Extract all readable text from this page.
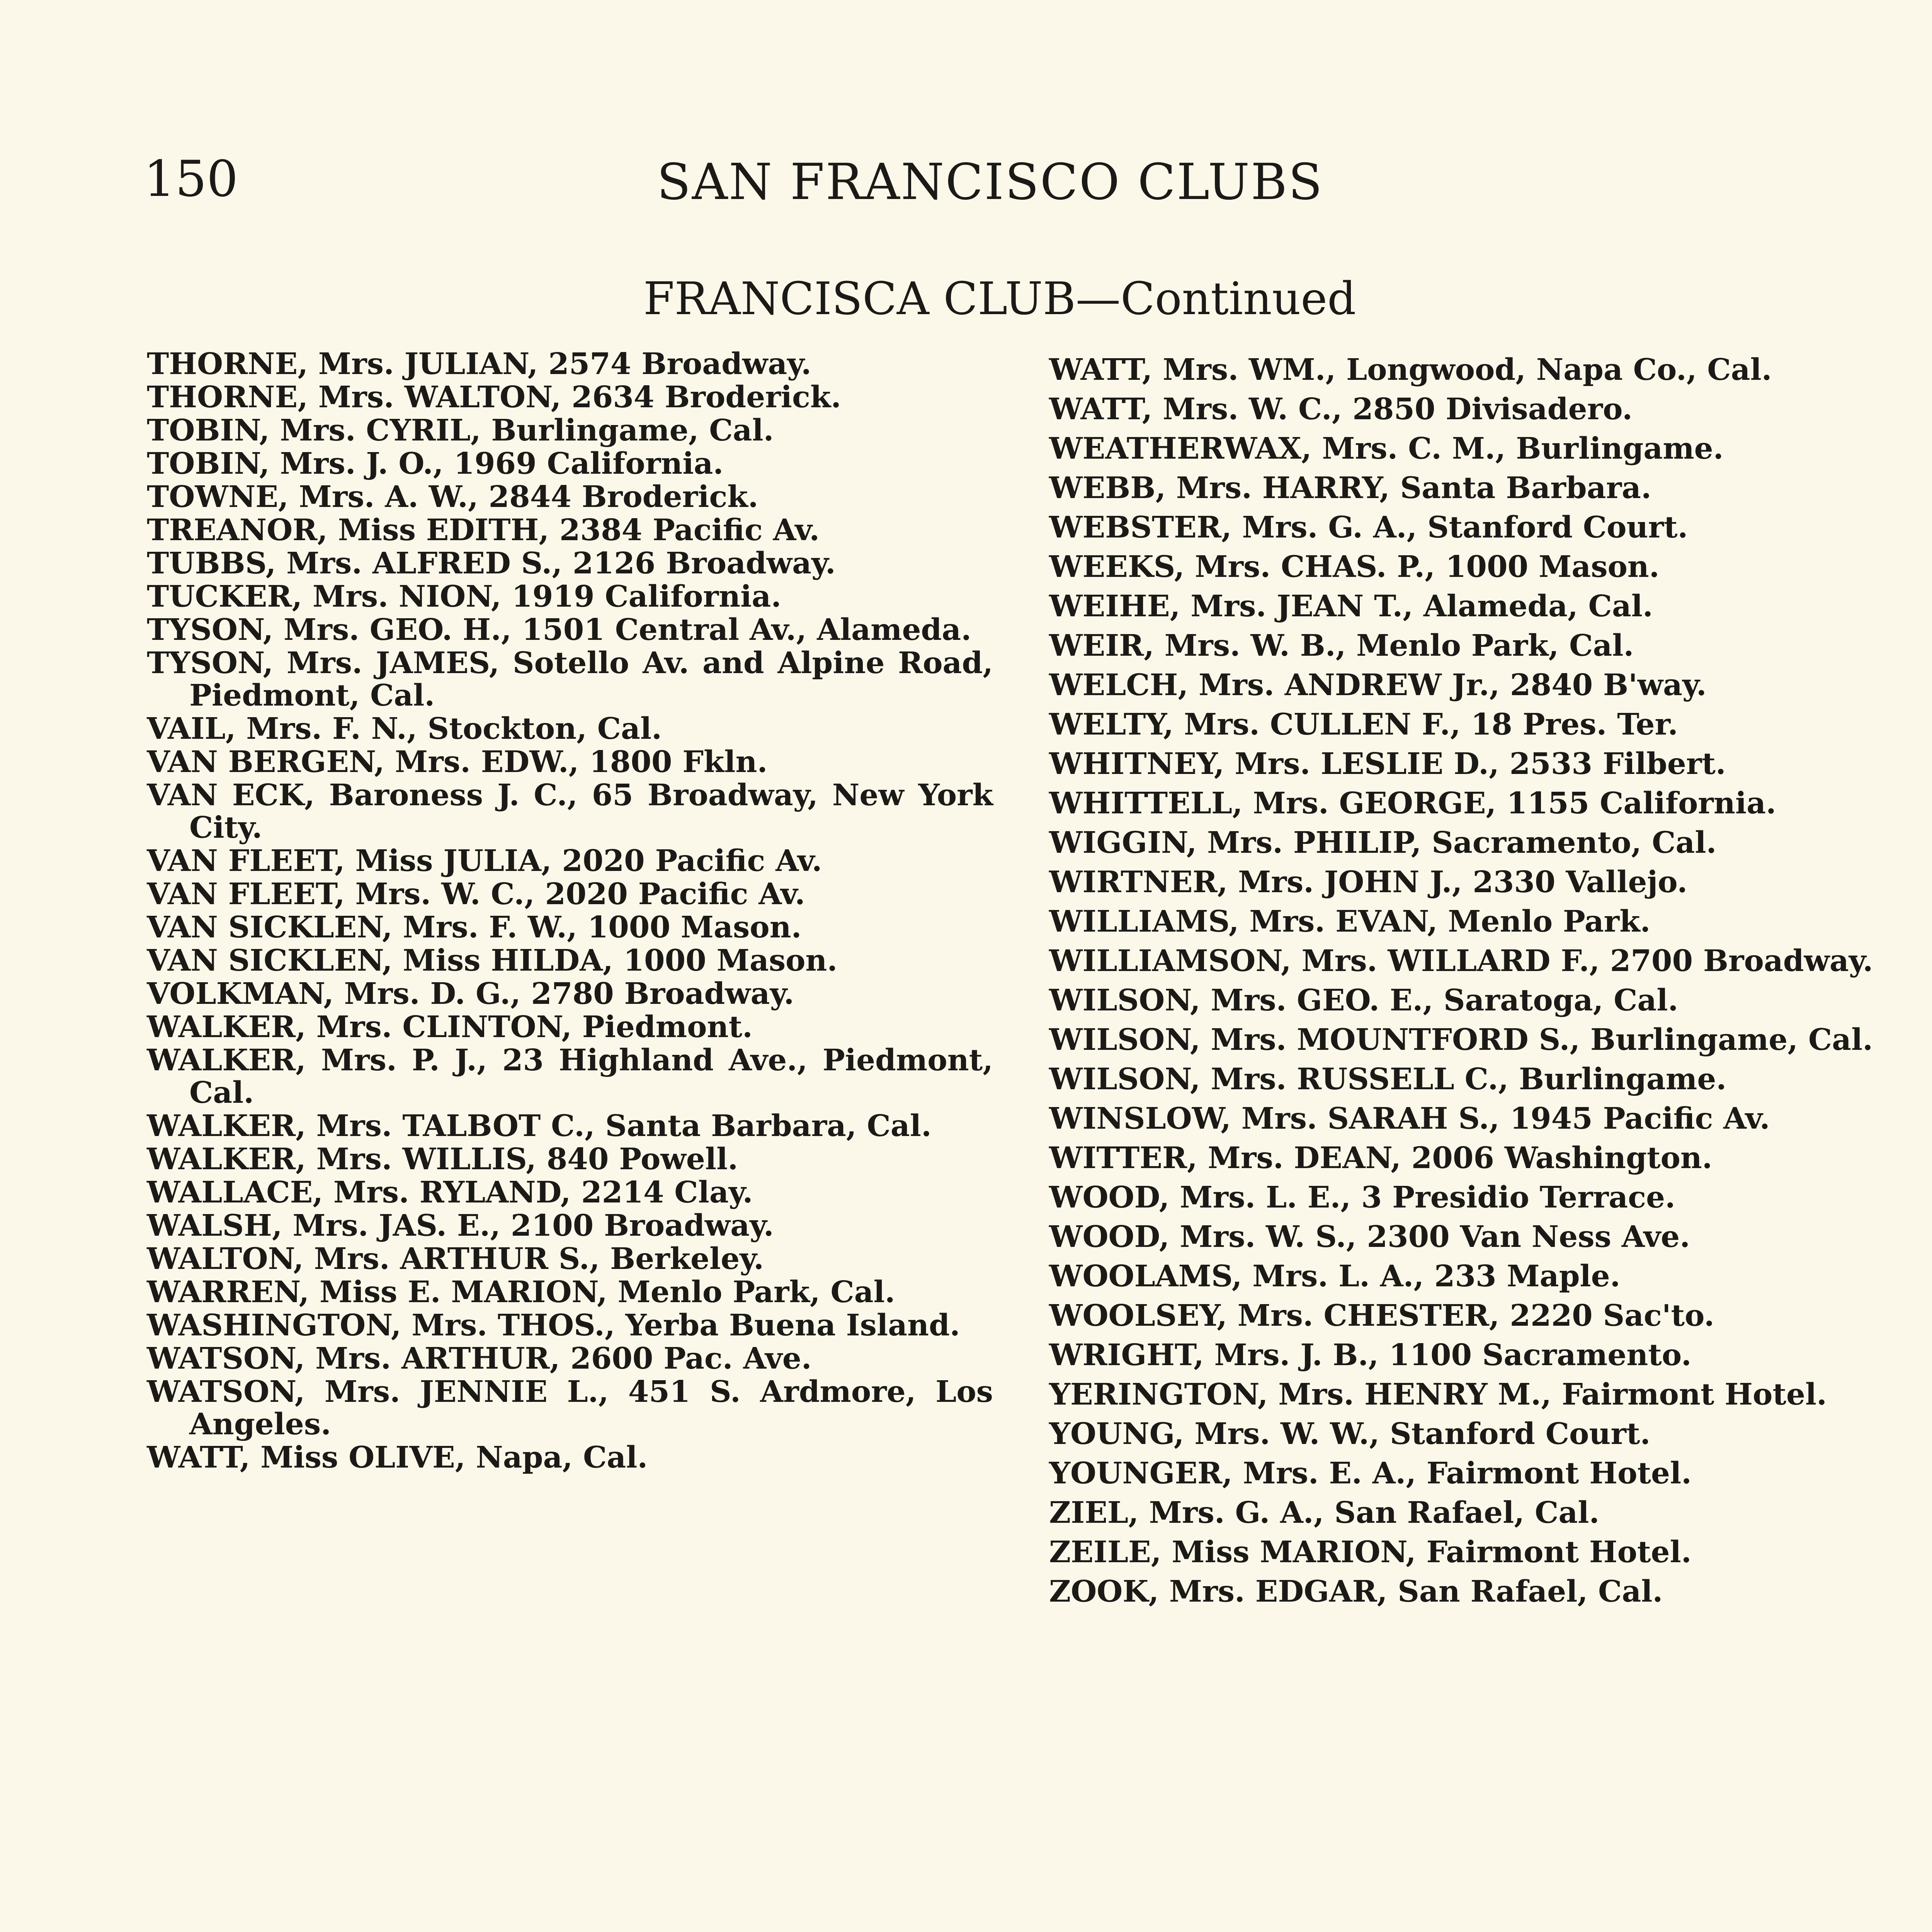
150	SAN FRANCISCO CLUBS
FRANCISCA CLUB—Continued
THORNE, Mrs. JULIAN, 2574 Broadway.
THORNE, Mrs. WALTON, 2634 Broderick.
TOBIN, Mrs. CYRIL, Burlingame, Cal.
TOBIN, Mrs. J. O., 1969 California.
TOWNE, Mrs. A. W., 2844 Broderick.
TREANOR, Miss EDITH, 2384 Pacific Av.
TUBBS, Mrs. ALFRED S., 2126 Broadway.
TUCKER, Mrs. NION, 1919 California.
TYSON, Mrs. GEO. H., 1501 Central Av., Alameda.
TYSON, Mrs. JAMES, Sotello Av. and Alpine Road, Piedmont, Cal.
VAIL, Mrs. F. N., Stockton, Cal.
VAN BERGEN, Mrs. EDW., 1800 Fkln.
VAN ECK, Baroness J. C., 65 Broadway, New York City.
VAN FLEET, Miss JULIA, 2020 Pacific Av.
VAN FLEET, Mrs. W. C., 2020 Pacific Av.
VAN SICKLEN, Mrs. F. W., 1000 Mason.
VAN SICKLEN, Miss HILDA, 1000 Mason.
VOLKMAN, Mrs. D. G., 2780 Broadway.
WALKER, Mrs. CLINTON, Piedmont.
WALKER, Mrs. P. J., 23 Highland Ave., Piedmont, Cal.
WALKER, Mrs. TALBOT C., Santa Barbara, Cal.
WALKER, Mrs. WILLIS, 840 Powell.
WALLACE, Mrs. RYLAND, 2214 Clay.
WALSH, Mrs. JAS. E., 2100 Broadway.
WALTON, Mrs. ARTHUR S., Berkeley.
WARREN, Miss E. MARION, Menlo Park, Cal.
WASHINGTON, Mrs. THOS., Yerba Buena Island.
WATSON, Mrs. ARTHUR, 2600 Pac. Ave.
WATSON, Mrs. JENNIE L., 451 S. Ardmore, Los Angeles.
WATT, Miss OLIVE, Napa, Cal.
WATT, Mrs. WM., Longwood, Napa Co., Cal.
WATT, Mrs. W. C., 2850 Divisadero.
WEATHERWAX, Mrs. C. M., Burlingame.
WEBB, Mrs. HARRY, Santa Barbara.
WEBSTER, Mrs. G. A., Stanford Court.
WEEKS, Mrs. CHAS. P., 1000 Mason.
WEIHE, Mrs. JEAN T., Alameda, Cal.
WEIR, Mrs. W. B., Menlo Park, Cal.
WELCH, Mrs. ANDREW Jr., 2840 B'way.
WELTY, Mrs. CULLEN F., 18 Pres. Ter.
WHITNEY, Mrs. LESLIE D., 2533 Filbert.
WHITTELL, Mrs. GEORGE, 1155 California.
WIGGIN, Mrs. PHILIP, Sacramento, Cal.
WIRTNER, Mrs. JOHN J., 2330 Vallejo.
WILLIAMS, Mrs. EVAN, Menlo Park.
WILLIAMSON, Mrs. WILLARD F., 2700 Broadway.
WILSON, Mrs. GEO. E., Saratoga, Cal.
WILSON, Mrs. MOUNTFORD S., Burlingame, Cal.
WILSON, Mrs. RUSSELL C., Burlingame.
WINSLOW, Mrs. SARAH S., 1945 Pacific Av.
WITTER, Mrs. DEAN, 2006 Washington.
WOOD, Mrs. L. E., 3 Presidio Terrace.
WOOD, Mrs. W. S., 2300 Van Ness Ave.
WOOLAMS, Mrs. L. A., 233 Maple.
WOOLSEY, Mrs. CHESTER, 2220 Sac'to.
WRIGHT, Mrs. J. B., 1100 Sacramento.
YERINGTON, Mrs. HENRY M., Fairmont Hotel.
YOUNG, Mrs. W. W., Stanford Court.
YOUNGER, Mrs. E. A., Fairmont Hotel.
ZIEL, Mrs. G. A., San Rafael, Cal.
ZEILE, Miss MARION, Fairmont Hotel.
ZOOK, Mrs. EDGAR, San Rafael, Cal.
